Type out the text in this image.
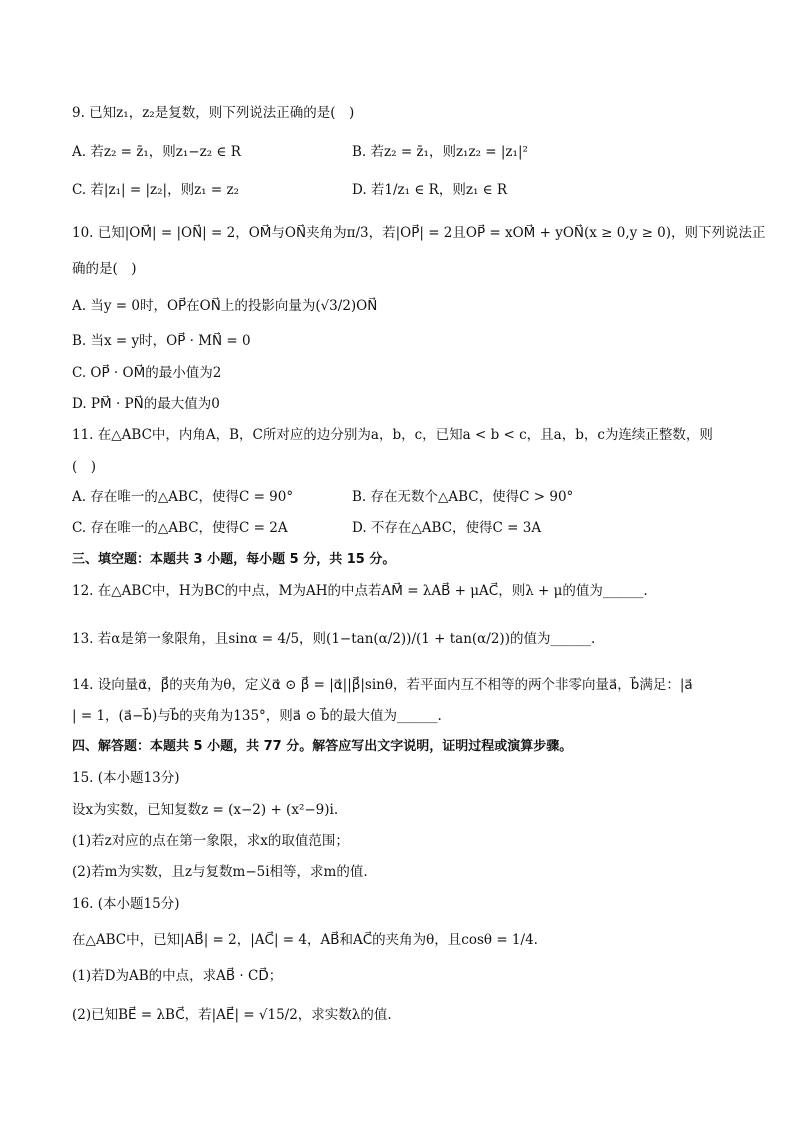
9. 已知z₁，z₂是复数，则下列说法正确的是(　)
A. 若z₂ = z̄₁，则z₁−z₂ ∈ R	B. 若z₂ = z̄₁，则z₁z₂ = |z₁|²
C. 若|z₁| = |z₂|，则z₁ = z₂	D. 若1/z₁ ∈ R，则z₁ ∈ R
10. 已知|OM⃗| = |ON⃗| = 2，OM⃗与ON⃗夹角为π/3，若|OP⃗| = 2且OP⃗ = xOM⃗ + yON⃗(x ≥ 0,y ≥ 0)，则下列说法正
确的是(　)
A. 当y = 0时，OP⃗在ON⃗上的投影向量为(√3/2)ON⃗
B. 当x = y时，OP⃗ · MN⃗ = 0
C. OP⃗ · OM⃗的最小值为2
D. PM⃗ · PN⃗的最大值为0
11. 在△ABC中，内角A，B，C所对应的边分别为a，b，c，已知a < b < c，且a，b，c为连续正整数，则
(　)
A. 存在唯一的△ABC，使得C = 90°	B. 存在无数个△ABC，使得C > 90°
C. 存在唯一的△ABC，使得C = 2A	D. 不存在△ABC，使得C = 3A
三、填空题：本题共 3 小题，每小题 5 分，共 15 分。
12. 在△ABC中，H为BC的中点，M为AH的中点若AM⃗ = λAB⃗ + μAC⃗，则λ + μ的值为______.
13. 若α是第一象限角，且sinα = 4/5，则(1−tan(α/2))/(1 + tan(α/2))的值为______.
14. 设向量α⃗，β⃗的夹角为θ，定义α⃗ ⊙ β⃗ = |α⃗||β⃗|sinθ，若平面内互不相等的两个非零向量a⃗，b⃗满足：|a⃗
| = 1，(a⃗−b⃗)与b⃗的夹角为135°，则a⃗ ⊙ b⃗的最大值为______.
四、解答题：本题共 5 小题，共 77 分。解答应写出文字说明，证明过程或演算步骤。
15. (本小题13分)
设x为实数，已知复数z = (x−2) + (x²−9)i.
(1)若z对应的点在第一象限，求x的取值范围；
(2)若m为实数，且z与复数m−5i相等，求m的值.
16. (本小题15分)
在△ABC中，已知|AB⃗| = 2，|AC⃗| = 4，AB⃗和AC⃗的夹角为θ，且cosθ = 1/4.
(1)若D为AB的中点，求AB⃗ · CD⃗；
(2)已知BE⃗ = λBC⃗，若|AE⃗| = √15/2，求实数λ的值.
